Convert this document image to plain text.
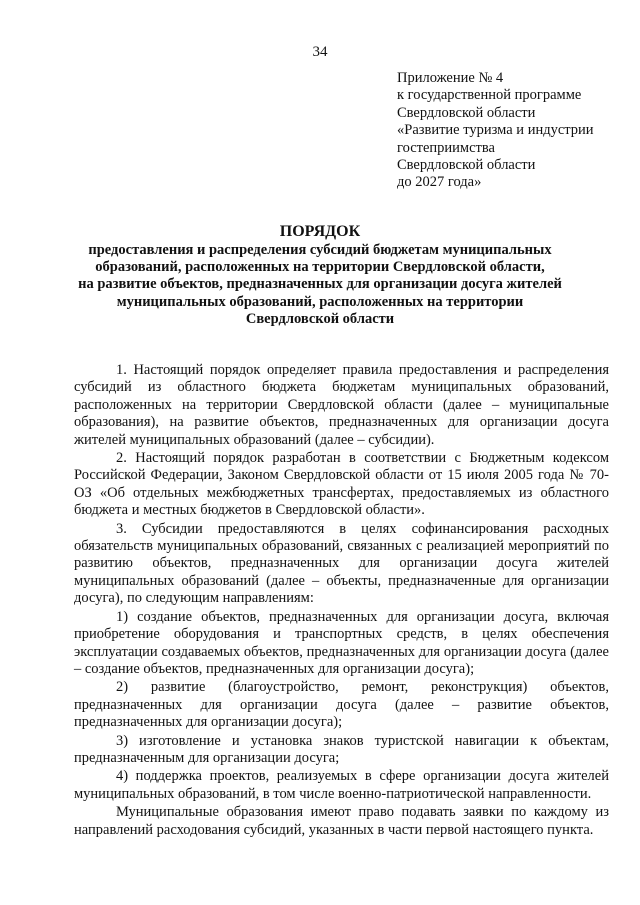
34
Приложение № 4
к государственной программе
Свердловской области
«Развитие туризма и индустрии
гостеприимства
Свердловской области
до 2027 года»
ПОРЯДОК
предоставления и распределения субсидий бюджетам муниципальных
образований, расположенных на территории Свердловской области,
на развитие объектов, предназначенных для организации досуга жителей
муниципальных образований, расположенных на территории
Свердловской области

1. Настоящий порядок определяет правила предоставления и распределения субсидий из областного бюджета бюджетам муниципальных образований, расположенных на территории Свердловской области (далее – муниципальные образования), на развитие объектов, предназначенных для организации досуга жителей муниципальных образований (далее – субсидии).

2. Настоящий порядок разработан в соответствии с Бюджетным кодексом Российской Федерации, Законом Свердловской области от 15 июля 2005 года № 70-ОЗ «Об отдельных межбюджетных трансфертах, предоставляемых из областного бюджета и местных бюджетов в Свердловской области».

3. Субсидии предоставляются в целях софинансирования расходных обязательств муниципальных образований, связанных с реализацией мероприятий по развитию объектов, предназначенных для организации досуга жителей муниципальных образований (далее – объекты, предназначенные для организации досуга), по следующим направлениям:

1) создание объектов, предназначенных для организации досуга, включая приобретение оборудования и транспортных средств, в целях обеспечения эксплуатации создаваемых объектов, предназначенных для организации досуга (далее – создание объектов, предназначенных для организации досуга);

2) развитие (благоустройство, ремонт, реконструкция) объектов, предназначенных для организации досуга (далее – развитие объектов, предназначенных для организации досуга);

3) изготовление и установка знаков туристской навигации к объектам, предназначенным для организации досуга;

4) поддержка проектов, реализуемых в сфере организации досуга жителей муниципальных образований, в том числе военно-патриотической направленности.

Муниципальные образования имеют право подавать заявки по каждому из направлений расходования субсидий, указанных в части первой настоящего пункта.
